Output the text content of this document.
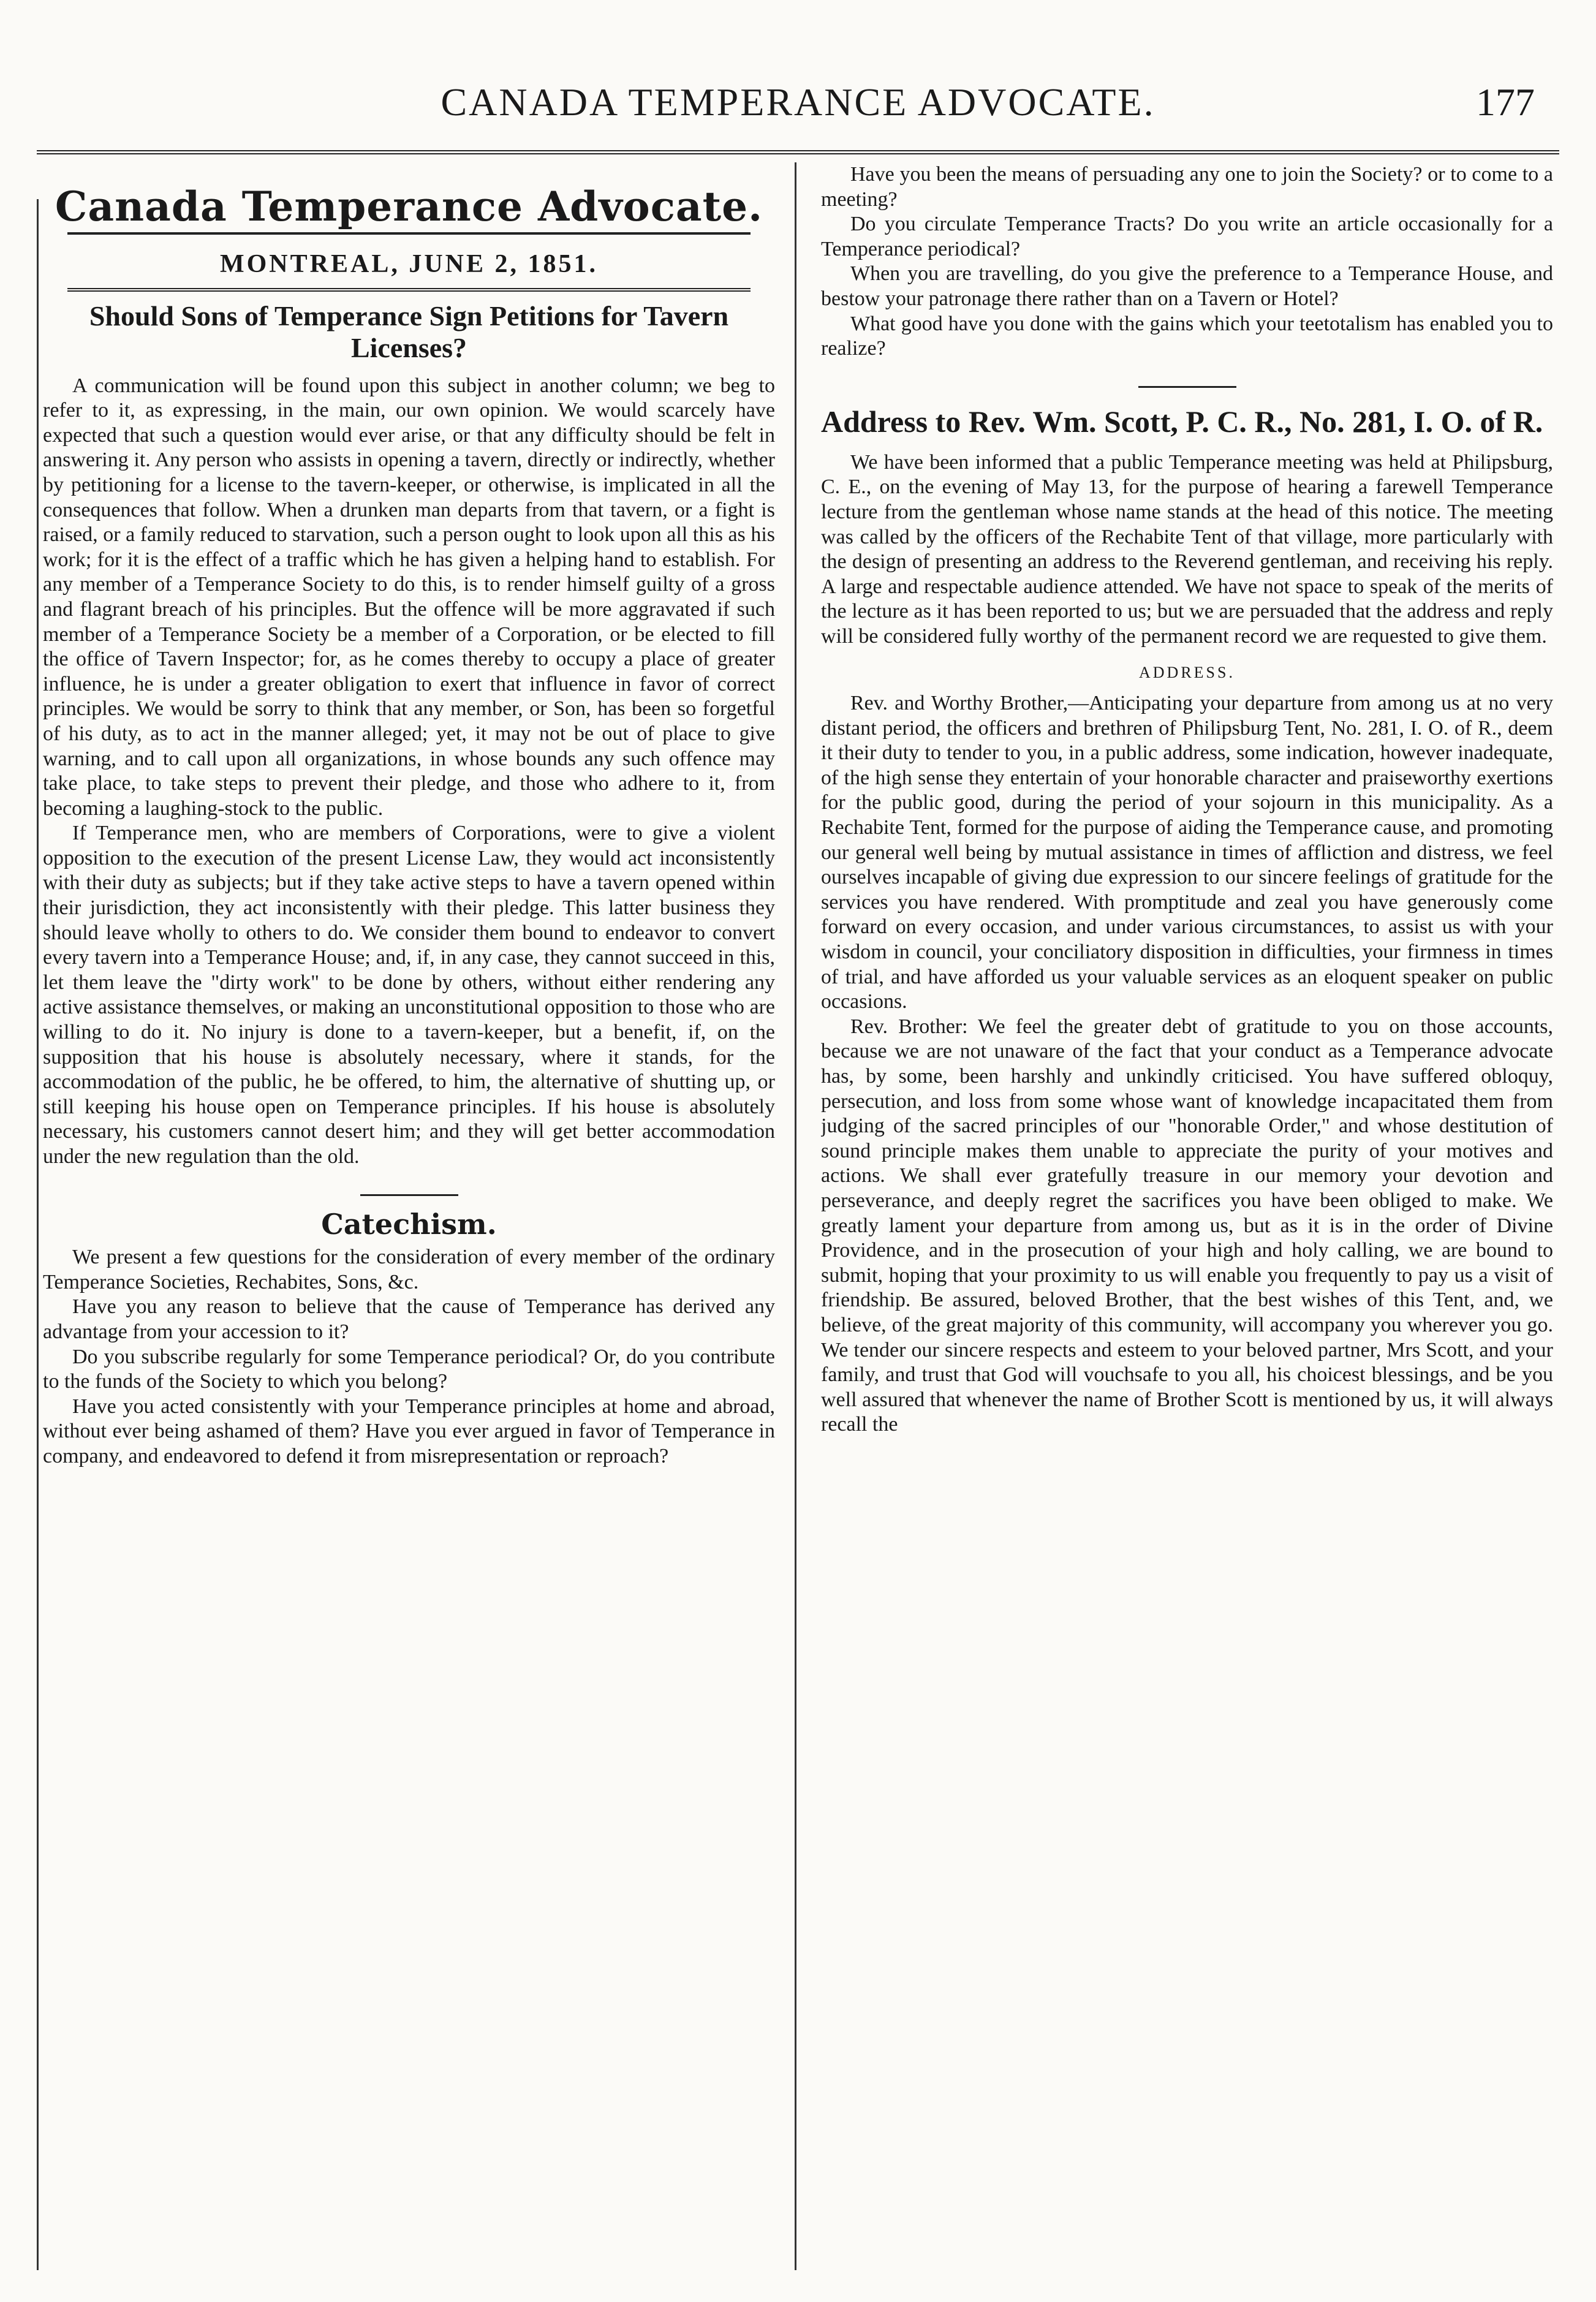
CANADA TEMPERANCE ADVOCATE.	177
Canada Temperance Advocate.
MONTREAL, JUNE 2, 1851.
Should Sons of Temperance Sign Petitions for Tavern Licenses?

A communication will be found upon this subject in another column; we beg to refer to it, as expressing, in the main, our own opinion. We would scarcely have expected that such a question would ever arise, or that any difficulty should be felt in answering it. Any person who assists in opening a tavern, directly or indirectly, whether by petitioning for a license to the tavern-keeper, or otherwise, is implicated in all the consequences that follow. When a drunken man departs from that tavern, or a fight is raised, or a family reduced to starvation, such a person ought to look upon all this as his work; for it is the effect of a traffic which he has given a helping hand to establish. For any member of a Temperance Society to do this, is to render himself guilty of a gross and flagrant breach of his principles. But the offence will be more aggravated if such member of a Temperance Society be a member of a Corporation, or be elected to fill the office of Tavern Inspector; for, as he comes thereby to occupy a place of greater influence, he is under a greater obligation to exert that influence in favor of correct principles. We would be sorry to think that any member, or Son, has been so forgetful of his duty, as to act in the manner alleged; yet, it may not be out of place to give warning, and to call upon all organizations, in whose bounds any such offence may take place, to take steps to prevent their pledge, and those who adhere to it, from becoming a laughing-stock to the public.

If Temperance men, who are members of Corporations, were to give a violent opposition to the execution of the present License Law, they would act inconsistently with their duty as subjects; but if they take active steps to have a tavern opened within their jurisdiction, they act inconsistently with their pledge. This latter business they should leave wholly to others to do. We consider them bound to endeavor to convert every tavern into a Temperance House; and, if, in any case, they cannot succeed in this, let them leave the "dirty work" to be done by others, without either rendering any active assistance themselves, or making an unconstitutional opposition to those who are willing to do it. No injury is done to a tavern-keeper, but a benefit, if, on the supposition that his house is absolutely necessary, where it stands, for the accommodation of the public, he be offered, to him, the alternative of shutting up, or still keeping his house open on Temperance principles. If his house is absolutely necessary, his customers cannot desert him; and they will get better accommodation under the new regulation than the old.

Catechism.

We present a few questions for the consideration of every member of the ordinary Temperance Societies, Rechabites, Sons, &c.

Have you any reason to believe that the cause of Temperance has derived any advantage from your accession to it?

Do you subscribe regularly for some Temperance periodical? Or, do you contribute to the funds of the Society to which you belong?

Have you acted consistently with your Temperance principles at home and abroad, without ever being ashamed of them? Have you ever argued in favor of Temperance in company, and endeavored to defend it from misrepresentation or reproach?

Have you been the means of persuading any one to join the Society? or to come to a meeting?

Do you circulate Temperance Tracts? Do you write an article occasionally for a Temperance periodical?

When you are travelling, do you give the preference to a Temperance House, and bestow your patronage there rather than on a Tavern or Hotel?

What good have you done with the gains which your teetotalism has enabled you to realize?

Address to Rev. Wm. Scott, P. C. R., No. 281, I. O. of R.

We have been informed that a public Temperance meeting was held at Philipsburg, C. E., on the evening of May 13, for the purpose of hearing a farewell Temperance lecture from the gentleman whose name stands at the head of this notice. The meeting was called by the officers of the Rechabite Tent of that village, more particularly with the design of presenting an address to the Reverend gentleman, and receiving his reply. A large and respectable audience attended. We have not space to speak of the merits of the lecture as it has been reported to us; but we are persuaded that the address and reply will be considered fully worthy of the permanent record we are requested to give them.

ADDRESS.

Rev. and Worthy Brother,—Anticipating your departure from among us at no very distant period, the officers and brethren of Philipsburg Tent, No. 281, I. O. of R., deem it their duty to tender to you, in a public address, some indication, however inadequate, of the high sense they entertain of your honorable character and praiseworthy exertions for the public good, during the period of your sojourn in this municipality. As a Rechabite Tent, formed for the purpose of aiding the Temperance cause, and promoting our general well being by mutual assistance in times of affliction and distress, we feel ourselves incapable of giving due expression to our sincere feelings of gratitude for the services you have rendered. With promptitude and zeal you have generously come forward on every occasion, and under various circumstances, to assist us with your wisdom in council, your conciliatory disposition in difficulties, your firmness in times of trial, and have afforded us your valuable services as an eloquent speaker on public occasions.

Rev. Brother: We feel the greater debt of gratitude to you on those accounts, because we are not unaware of the fact that your conduct as a Temperance advocate has, by some, been harshly and unkindly criticised. You have suffered obloquy, persecution, and loss from some whose want of knowledge incapacitated them from judging of the sacred principles of our "honorable Order," and whose destitution of sound principle makes them unable to appreciate the purity of your motives and actions. We shall ever gratefully treasure in our memory your devotion and perseverance, and deeply regret the sacrifices you have been obliged to make. We greatly lament your departure from among us, but as it is in the order of Divine Providence, and in the prosecution of your high and holy calling, we are bound to submit, hoping that your proximity to us will enable you frequently to pay us a visit of friendship. Be assured, beloved Brother, that the best wishes of this Tent, and, we believe, of the great majority of this community, will accompany you wherever you go. We tender our sincere respects and esteem to your beloved partner, Mrs Scott, and your family, and trust that God will vouchsafe to you all, his choicest blessings, and be you well assured that whenever the name of Brother Scott is mentioned by us, it will always recall the
